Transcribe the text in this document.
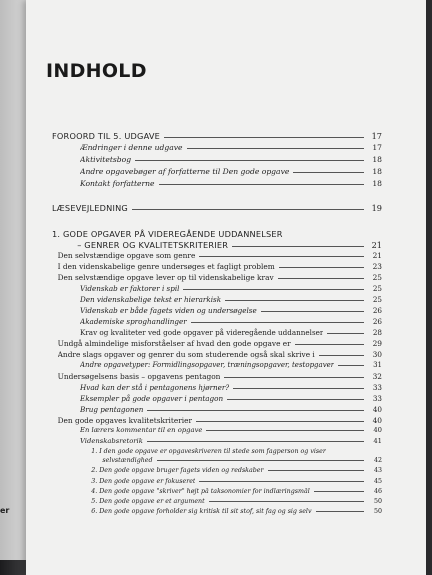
er
INDHOLD
FOROORD TIL 5. UDGAVE	17
Ændringer i denne udgave	17
Aktivitetsbog	18
Andre opgavebøger af forfatterne til Den gode opgave	18
Kontakt forfatterne	18
LÆSEVEJLEDNING	19
1. GODE OPGAVER PÅ VIDEREGÅENDE UDDANNELSER
– GENRER OG KVALITETSKRITERIER	21
Den selvstændige opgave som genre	21
I den videnskabelige genre undersøges et fagligt problem	23
Den selvstændige opgave lever op til videnskabelige krav	25
Videnskab er faktorer i spil	25
Den videnskabelige tekst er hierarkisk	25
Videnskab er både fagets viden og undersøgelse	26
Akademiske sproghandlinger	26
Krav og kvaliteter ved gode opgaver på videregående uddannelser	28
Undgå almindelige misforståelser af hvad den gode opgave er	29
Andre slags opgaver og genrer du som studerende også skal skrive i	30
Andre opgavetyper: Formidlingsopgaver, træningsopgaver, testopgaver	31
Undersøgelsens basis – opgavens pentagon	32
Hvad kan der stå i pentagonens hjørner?	33
Eksempler på gode opgaver i pentagon	33
Brug pentagonen	40
Den gode opgaves kvalitetskriterier	40
En lærers kommentar til en opgave	40
Videnskabsretorik	41
1. I den gode opgave er opgaveskriveren til stede som fagperson og viser
selvstændighed	42
2. Den gode opgave bruger fagets viden og redskaber	43
3. Den gode opgave er fokuseret	45
4. Den gode opgave "skriver" højt på taksonomier for indlæringsmål	46
5. Den gode opgave er et argument	50
6. Den gode opgave forholder sig kritisk til sit stof, sit fag og sig selv	50
